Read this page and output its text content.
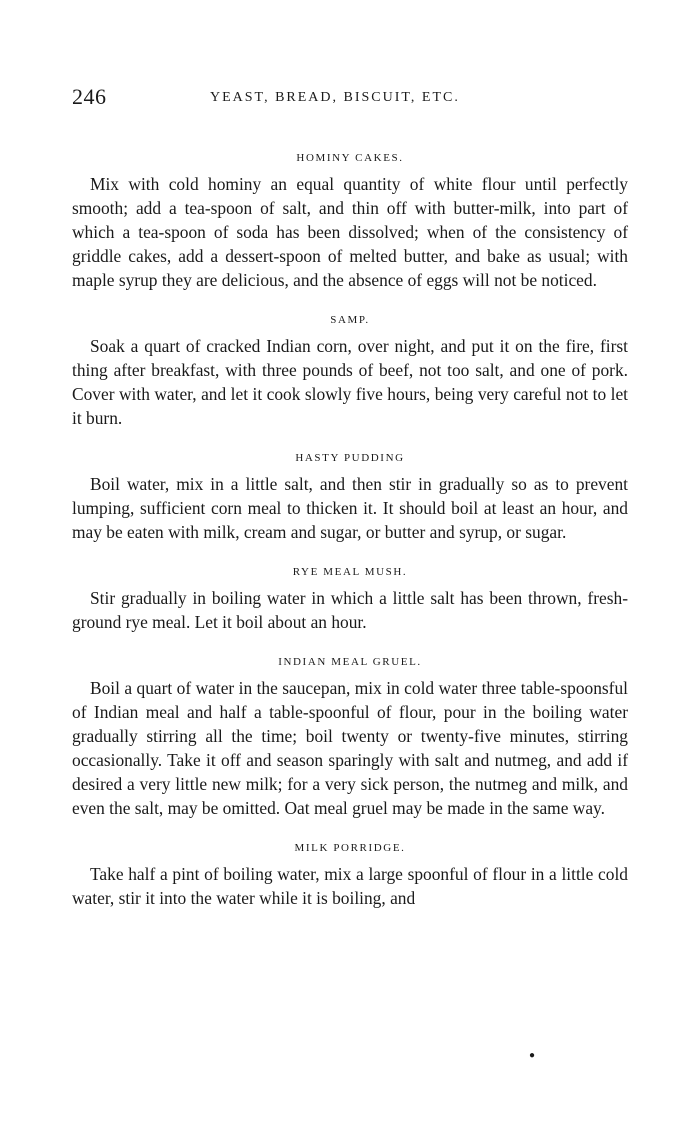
246	YEAST, BREAD, BISCUIT, ETC.
HOMINY CAKES.

Mix with cold hominy an equal quantity of white flour until perfectly smooth; add a tea-spoon of salt, and thin off with butter-milk, into part of which a tea-spoon of soda has been dissolved; when of the consistency of griddle cakes, add a dessert-spoon of melted butter, and bake as usual; with maple syrup they are delicious, and the absence of eggs will not be noticed.

SAMP.

Soak a quart of cracked Indian corn, over night, and put it on the fire, first thing after breakfast, with three pounds of beef, not too salt, and one of pork. Cover with water, and let it cook slowly five hours, being very careful not to let it burn.

HASTY PUDDING

Boil water, mix in a little salt, and then stir in gradually so as to prevent lumping, sufficient corn meal to thicken it. It should boil at least an hour, and may be eaten with milk, cream and sugar, or butter and syrup, or sugar.

RYE MEAL MUSH.

Stir gradually in boiling water in which a little salt has been thrown, fresh-ground rye meal. Let it boil about an hour.

INDIAN MEAL GRUEL.

Boil a quart of water in the saucepan, mix in cold water three table-spoonsful of Indian meal and half a table-spoonful of flour, pour in the boiling water gradually stirring all the time; boil twenty or twenty-five minutes, stirring occasionally. Take it off and season sparingly with salt and nutmeg, and add if desired a very little new milk; for a very sick person, the nutmeg and milk, and even the salt, may be omitted. Oat meal gruel may be made in the same way.

MILK PORRIDGE.

Take half a pint of boiling water, mix a large spoonful of flour in a little cold water, stir it into the water while it is boiling, and

●
